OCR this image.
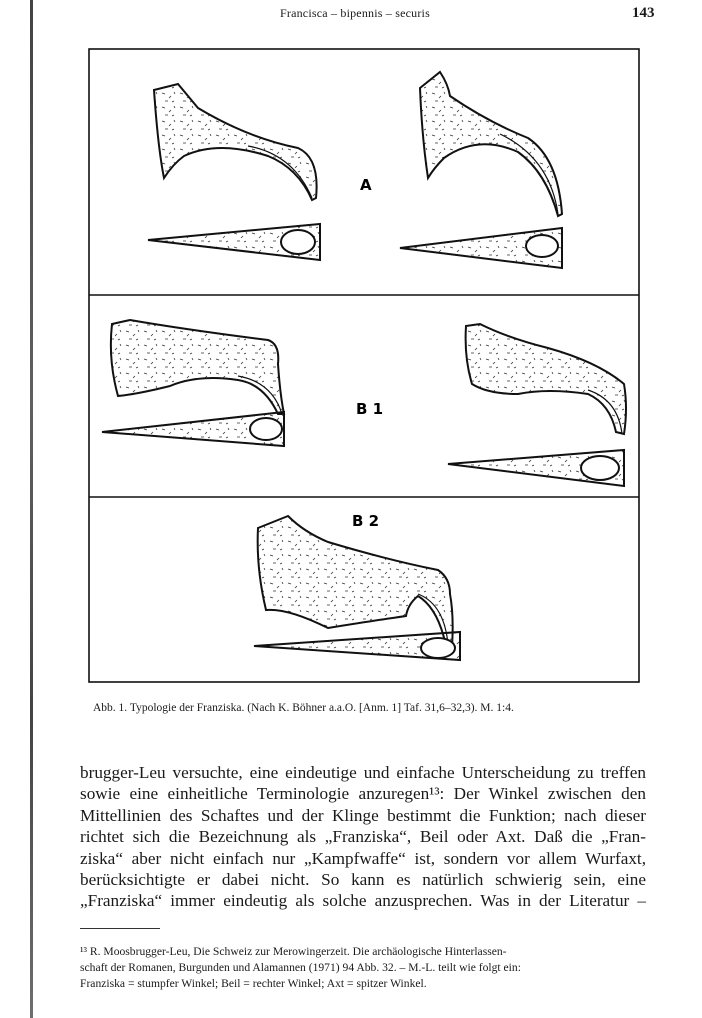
Francisca – bipennis – securis	143
A
B 1
B 2
Abb. 1. Typologie der Franziska. (Nach K. Böhner a.a.O. [Anm. 1] Taf. 31,6–32,3). M. 1:4.
brugger-Leu versuchte, eine eindeutige und einfache Unterscheidung zu treffen
sowie eine einheitliche Terminologie anzuregen¹³: Der Winkel zwischen den
Mittellinien des Schaftes und der Klinge bestimmt die Funktion; nach dieser
richtet sich die Bezeichnung als „Franziska“, Beil oder Axt. Daß die „Fran-
ziska“ aber nicht einfach nur „Kampfwaffe“ ist, sondern vor allem Wurfaxt,
berücksichtigte er dabei nicht. So kann es natürlich schwierig sein, eine
„Franziska“ immer eindeutig als solche anzusprechen. Was in der Literatur –
¹³ R. Moosbrugger-Leu, Die Schweiz zur Merowingerzeit. Die archäologische Hinterlassen-
schaft der Romanen, Burgunden und Alamannen (1971) 94 Abb. 32. – M.-L. teilt wie folgt ein:
Franziska = stumpfer Winkel; Beil = rechter Winkel; Axt = spitzer Winkel.
